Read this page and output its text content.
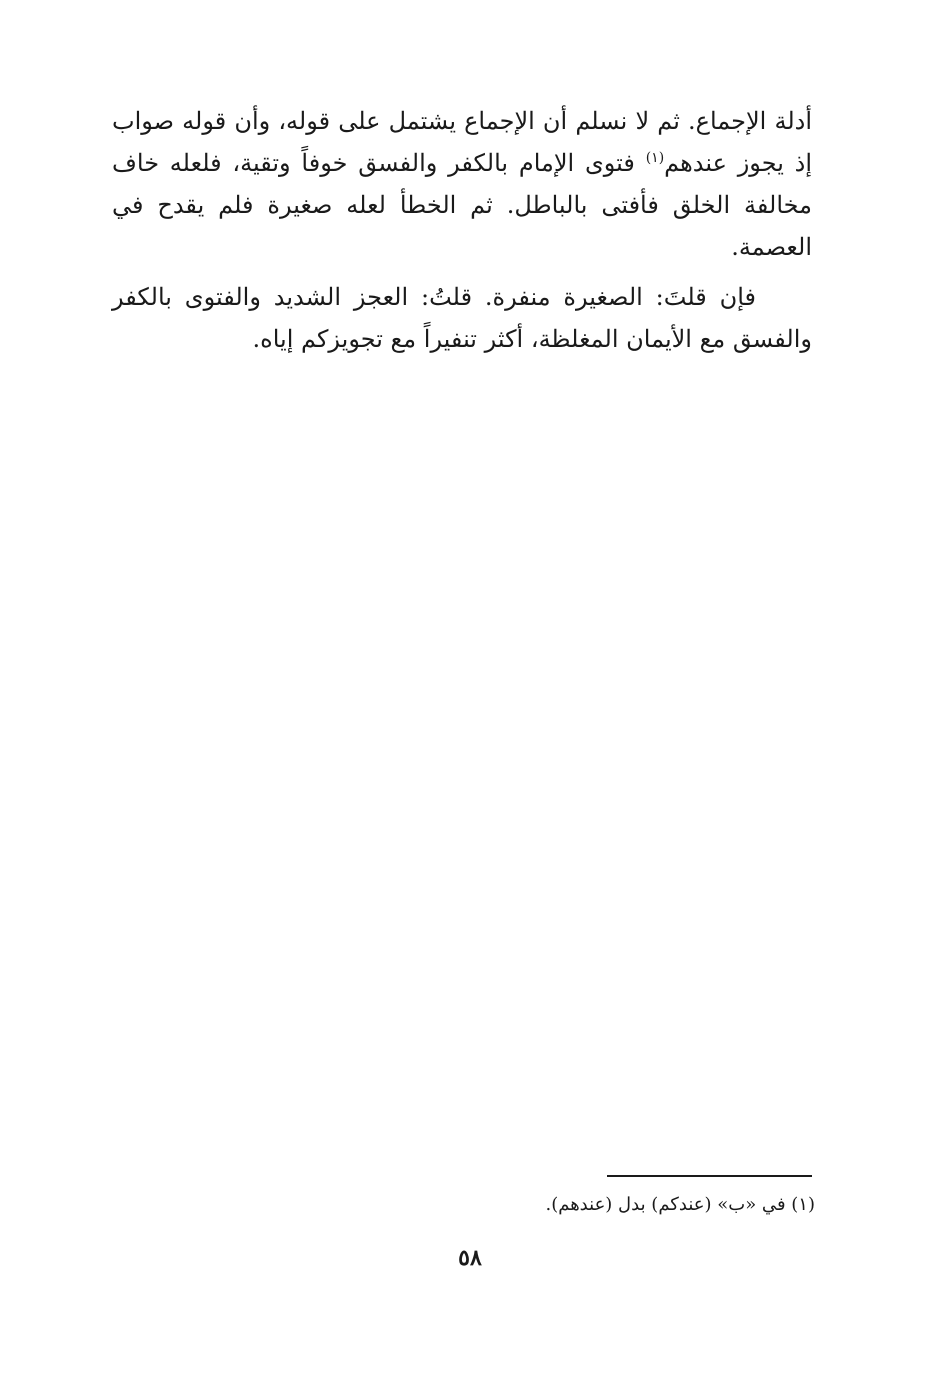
أدلة الإجماع. ثم لا نسلم أن الإجماع يشتمل على قوله، وأن قوله صواب إذ يجوز عندهم$^{(١)}$ فتوى الإمام بالكفر والفسق خوفاً وتقية، فلعله خاف مخالفة الخلق فأفتى بالباطل. ثم الخطأ لعله صغيرة فلم يقدح في العصمة.

فإن قلتَ: الصغيرة منفرة. قلتُ: العجز الشديد والفتوى بالكفر والفسق مع الأيمان المغلظة، أكثر تنفيراً مع تجويزكم إياه.

(١) في «ب» (عندكم) بدل (عندهم).
٥٨
